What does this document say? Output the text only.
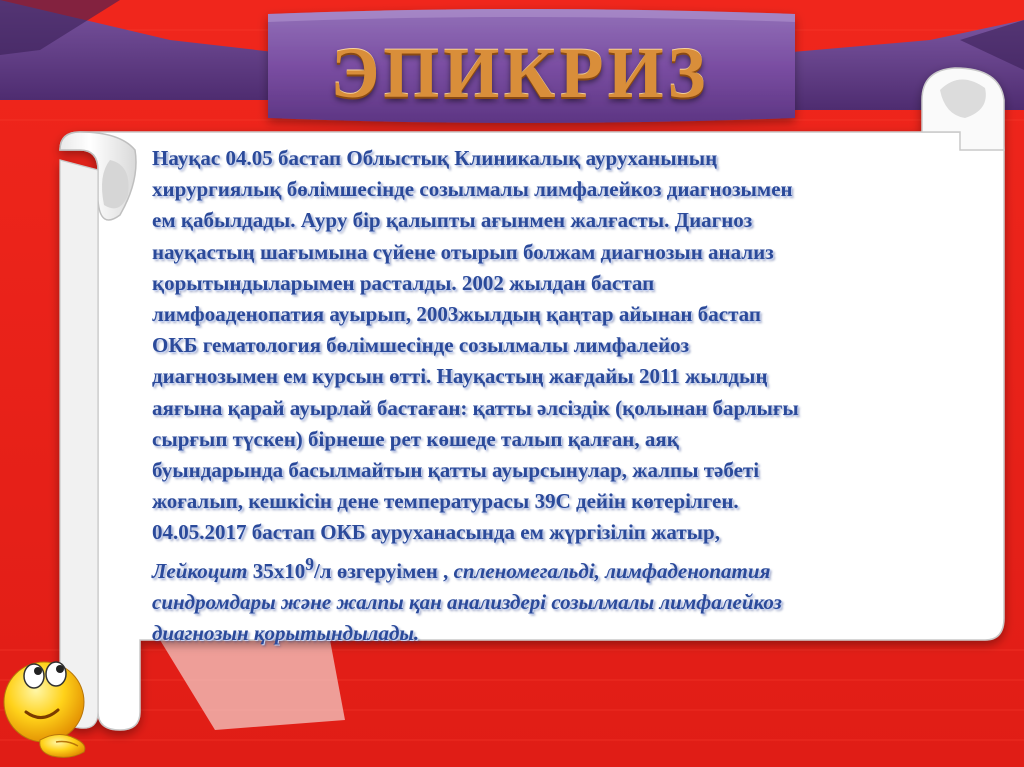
ЭПИКРИЗ
Науқас 04.05 бастап Облыстық Клиникалық ауруханының
хирургиялық бөлімшесінде созылмалы лимфалейкоз диагнозымен
ем қабылдады. Ауру бір қалыпты ағынмен жалғасты. Диагноз
науқастың шағымына сүйене отырып болжам диагнозын анализ
қорытындыларымен расталды. 2002 жылдан бастап
лимфоаденопатия ауырып, 2003жылдың қаңтар айынан бастап
ОКБ гематология бөлімшесінде созылмалы лимфалейоз
диагнозымен ем курсын өтті. Науқастың жағдайы 2011 жылдың
аяғына қарай ауырлай бастаған: қатты әлсіздік (қолынан барлығы
сырғып түскен) бірнеше рет көшеде талып қалған, аяқ
буындарында басылмайтын қатты ауырсынулар, жалпы тәбеті
жоғалып, кешкісін дене температурасы 39С дейін көтерілген.
04.05.2017 бастап ОКБ ауруханасында ем жүргізіліп жатыр,
Лейкоцит $35х10^9/л$ өзгеруімен , спленомегальді, лимфаденопатия
синдромдары және жалпы қан анализдері созылмалы лимфалейкоз
диагнозын қорытындылады.
